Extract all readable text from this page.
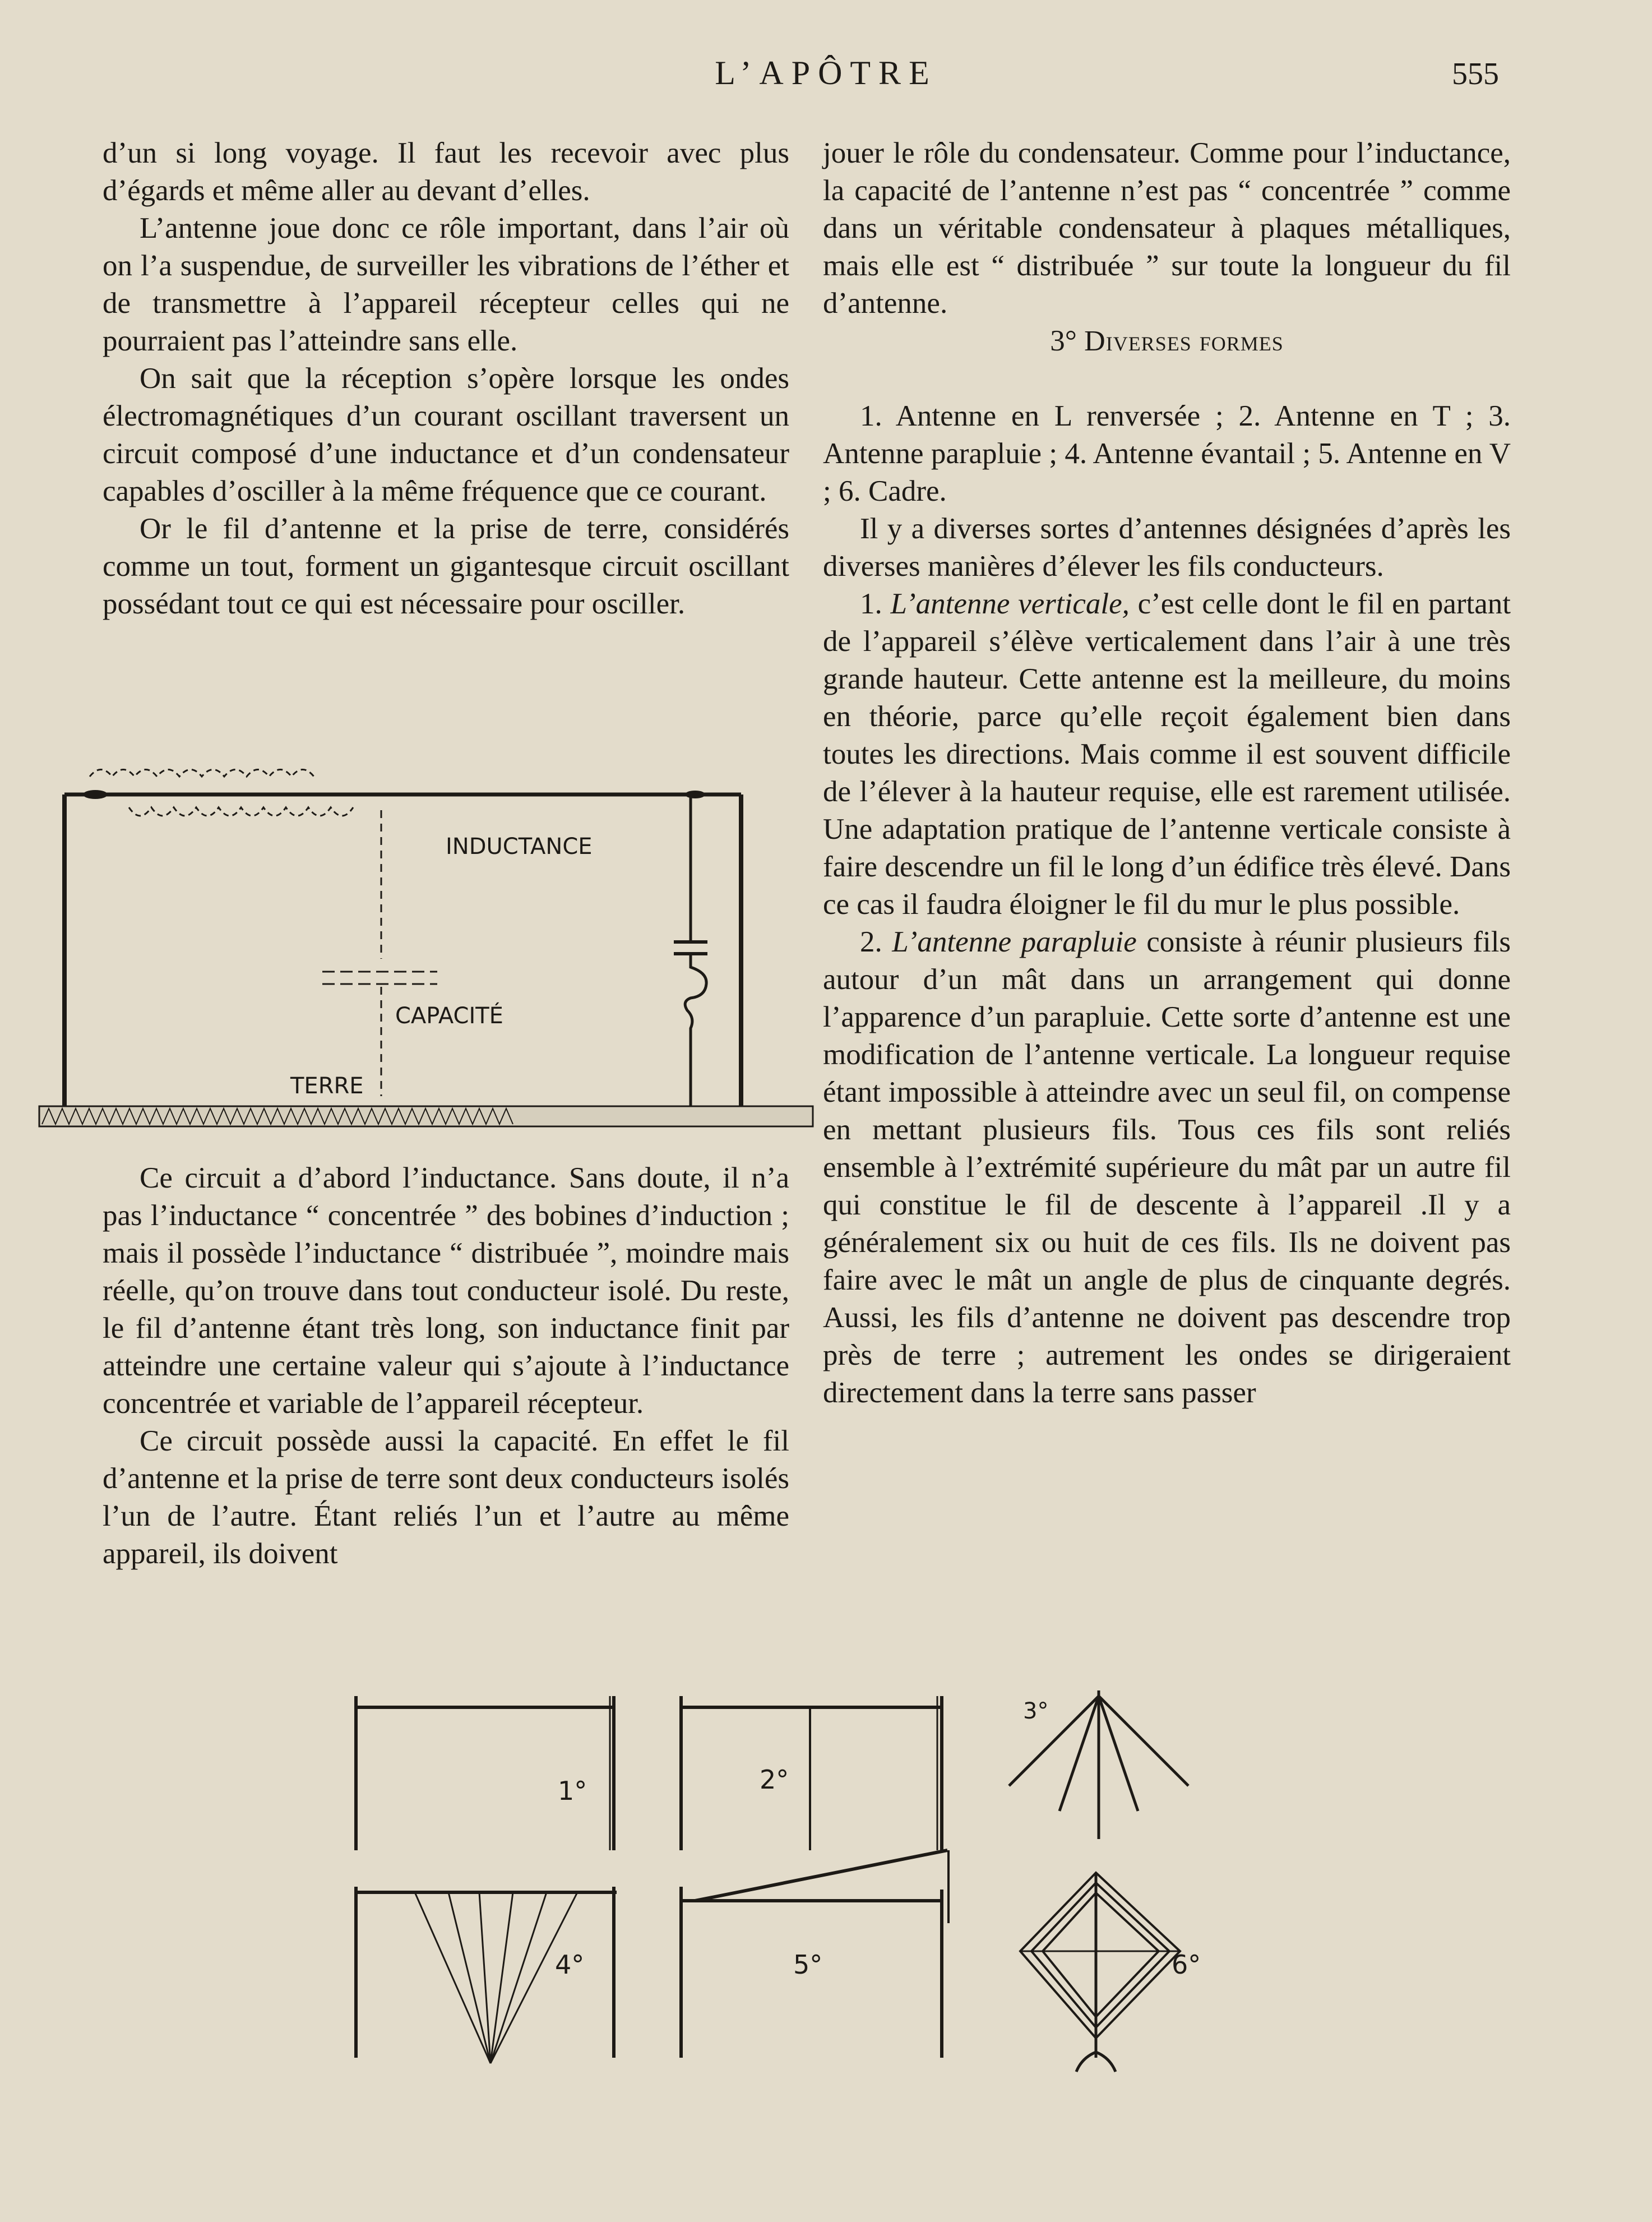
L’APÔTRE	555

d’un si long voyage. Il faut les recevoir avec plus d’égards et même aller au devant d’elles.

L’antenne joue donc ce rôle important, dans l’air où on l’a suspendue, de surveiller les vibrations de l’éther et de transmettre à l’appareil récepteur celles qui ne pourraient pas l’atteindre sans elle.

On sait que la réception s’opère lorsque les ondes électromagnétiques d’un courant oscillant traversent un circuit composé d’une inductance et d’un condensateur capables d’osciller à la même fréquence que ce courant.

Or le fil d’antenne et la prise de terre, considérés comme un tout, forment un gigantesque circuit oscillant possédant tout ce qui est nécessaire pour osciller.

INDUCTANCE
CAPACITÉ
TERRE

Ce circuit a d’abord l’inductance. Sans doute, il n’a pas l’inductance “ concentrée ” des bobines d’induction ; mais il possède l’inductance “ distribuée ”, moindre mais réelle, qu’on trouve dans tout conducteur isolé. Du reste, le fil d’antenne étant très long, son inductance finit par atteindre une certaine valeur qui s’ajoute à l’inductance concentrée et variable de l’appareil récepteur.

Ce circuit possède aussi la capacité. En effet le fil d’antenne et la prise de terre sont deux conducteurs isolés l’un de l’autre. Étant reliés l’un et l’autre au même appareil, ils doivent

jouer le rôle du condensateur. Comme pour l’inductance, la capacité de l’antenne n’est pas “ concentrée ” comme dans un véritable condensateur à plaques métalliques, mais elle est “ distribuée ” sur toute la longueur du fil d’antenne.

3° Diverses formes

1. Antenne en L renversée ; 2. Antenne en T ; 3. Antenne parapluie ; 4. Antenne évantail ; 5. Antenne en V ; 6. Cadre.

Il y a diverses sortes d’antennes désignées d’après les diverses manières d’élever les fils conducteurs.

1. L’antenne verticale, c’est celle dont le fil en partant de l’appareil s’élève verticalement dans l’air à une très grande hauteur. Cette antenne est la meilleure, du moins en théorie, parce qu’elle reçoit également bien dans toutes les directions. Mais comme il est souvent difficile de l’élever à la hauteur requise, elle est rarement utilisée. Une adaptation pratique de l’antenne verticale consiste à faire descendre un fil le long d’un édifice très élevé. Dans ce cas il faudra éloigner le fil du mur le plus possible.

2. L’antenne parapluie consiste à réunir plusieurs fils autour d’un mât dans un arrangement qui donne l’apparence d’un parapluie. Cette sorte d’antenne est une modification de l’antenne verticale. La longueur requise étant impossible à atteindre avec un seul fil, on compense en mettant plusieurs fils. Tous ces fils sont reliés ensemble à l’extrémité supérieure du mât par un autre fil qui constitue le fil de descente à l’appareil .Il y a généralement six ou huit de ces fils. Ils ne doivent pas faire avec le mât un angle de plus de cinquante degrés. Aussi, les fils d’antenne ne doivent pas descendre trop près de terre ; autrement les ondes se dirigeraient directement dans la terre sans passer

1°	2°
3°
4°	5°	6°
